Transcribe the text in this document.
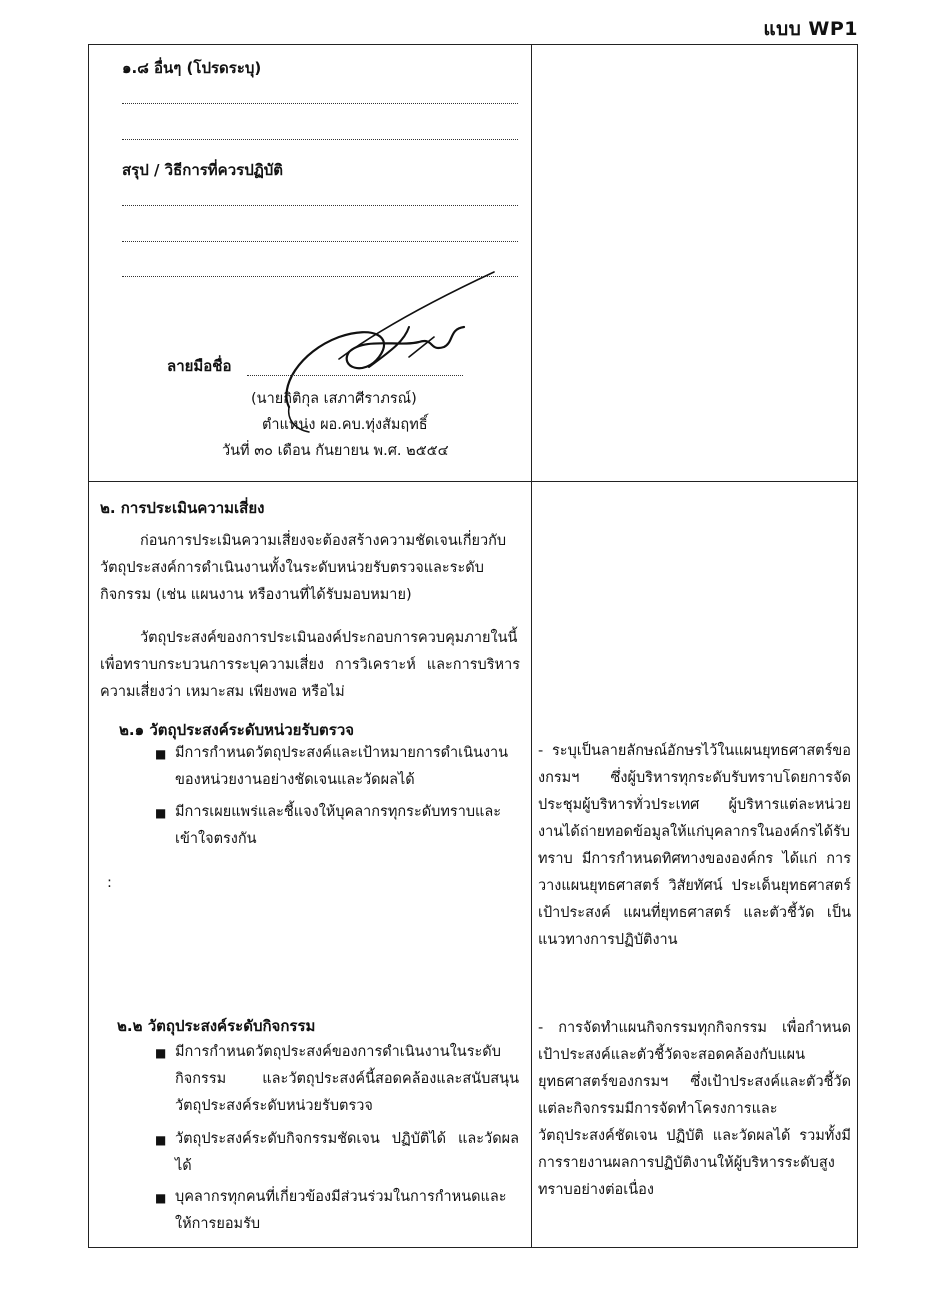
แบบ WP1
๑.๘ อื่นๆ (โปรดระบุ)
สรุป / วิธีการที่ควรปฏิบัติ
ลายมือชื่อ
(นายกิติกุล เสภาศีราภรณ์)
ตำแหน่ง ผอ.คบ.ทุ่งสัมฤทธิ์
วันที่ ๓๐ เดือน กันยายน พ.ศ. ๒๕๕๔
๒. การประเมินความเสี่ยง
ก่อนการประเมินความเสี่ยงจะต้องสร้างความชัดเจนเกี่ยวกับวัตถุประสงค์การดำเนินงานทั้งในระดับหน่วยรับตรวจและระดับกิจกรรม (เช่น แผนงาน หรืองานที่ได้รับมอบหมาย)
วัตถุประสงค์ของการประเมินองค์ประกอบการควบคุมภายในนี้ เพื่อทราบกระบวนการระบุความเสี่ยง การวิเคราะห์ และการบริหารความเสี่ยงว่า เหมาะสม เพียงพอ หรือไม่
๒.๑ วัตถุประสงค์ระดับหน่วยรับตรวจ
■ มีการกำหนดวัตถุประสงค์และเป้าหมายการดำเนินงานของหน่วยงานอย่างชัดเจนและวัดผลได้
■ มีการเผยแพร่และชี้แจงให้บุคลากรทุกระดับทราบและเข้าใจตรงกัน
:
- ระบุเป็นลายลักษณ์อักษรไว้ในแผนยุทธศาสตร์ของกรมฯ ซึ่งผู้บริหารทุกระดับรับทราบโดยการจัดประชุมผู้บริหารทั่วประเทศ ผู้บริหารแต่ละหน่วยงานได้ถ่ายทอดข้อมูลให้แก่บุคลากรในองค์กรได้รับทราบ มีการกำหนดทิศทางขององค์กร ได้แก่ การวางแผนยุทธศาสตร์ วิสัยทัศน์ ประเด็นยุทธศาสตร์ เป้าประสงค์ แผนที่ยุทธศาสตร์ และตัวชี้วัด เป็นแนวทางการปฏิบัติงาน
๒.๒ วัตถุประสงค์ระดับกิจกรรม
■ มีการกำหนดวัตถุประสงค์ของการดำเนินงานในระดับกิจกรรม และวัตถุประสงค์นี้สอดคล้องและสนับสนุนวัตถุประสงค์ระดับหน่วยรับตรวจ
■ วัตถุประสงค์ระดับกิจกรรมชัดเจน ปฏิบัติได้ และวัดผลได้
■ บุคลากรทุกคนที่เกี่ยวข้องมีส่วนร่วมในการกำหนดและให้การยอมรับ
- การจัดทำแผนกิจกรรมทุกกิจกรรม เพื่อกำหนดเป้าประสงค์และตัวชี้วัดจะสอดคล้องกับแผนยุทธศาสตร์ของกรมฯ ซึ่งเป้าประสงค์และตัวชี้วัดแต่ละกิจกรรมมีการจัดทำโครงการและวัตถุประสงค์ชัดเจน ปฏิบัติ และวัดผลได้ รวมทั้งมีการรายงานผลการปฏิบัติงานให้ผู้บริหารระดับสูงทราบอย่างต่อเนื่อง
